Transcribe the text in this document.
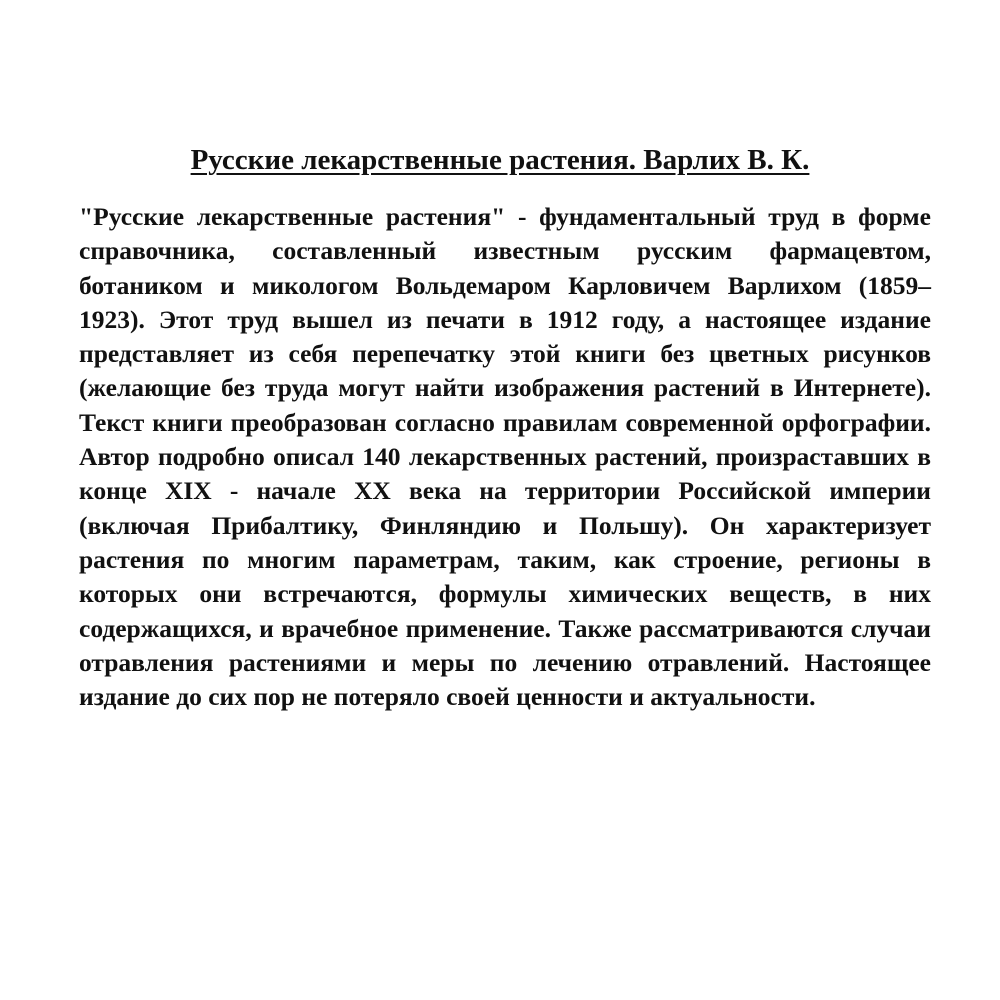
Русские лекарственные растения. Варлих В. К.

"Русские лекарственные растения" - фундаментальный труд в форме справочника, составленный известным русским фармацевтом, ботаником и микологом Вольдемаром Карловичем Варлихом (1859–1923). Этот труд вышел из печати в 1912 году, а настоящее издание представляет из себя перепечатку этой книги без цветных рисунков (желающие без труда могут найти изображения растений в Интернете). Текст книги преобразован согласно правилам современной орфографии. Автор подробно описал 140 лекарственных растений, произраставших в конце XIX - начале XX века на территории Российской империи (включая Прибалтику, Финляндию и Польшу). Он характеризует растения по многим параметрам, таким, как строение, регионы в которых они встречаются, формулы химических веществ, в них содержащихся, и врачебное применение. Также рассматриваются случаи отравления растениями и меры по лечению отравлений. Настоящее издание до сих пор не потеряло своей ценности и актуальности.
